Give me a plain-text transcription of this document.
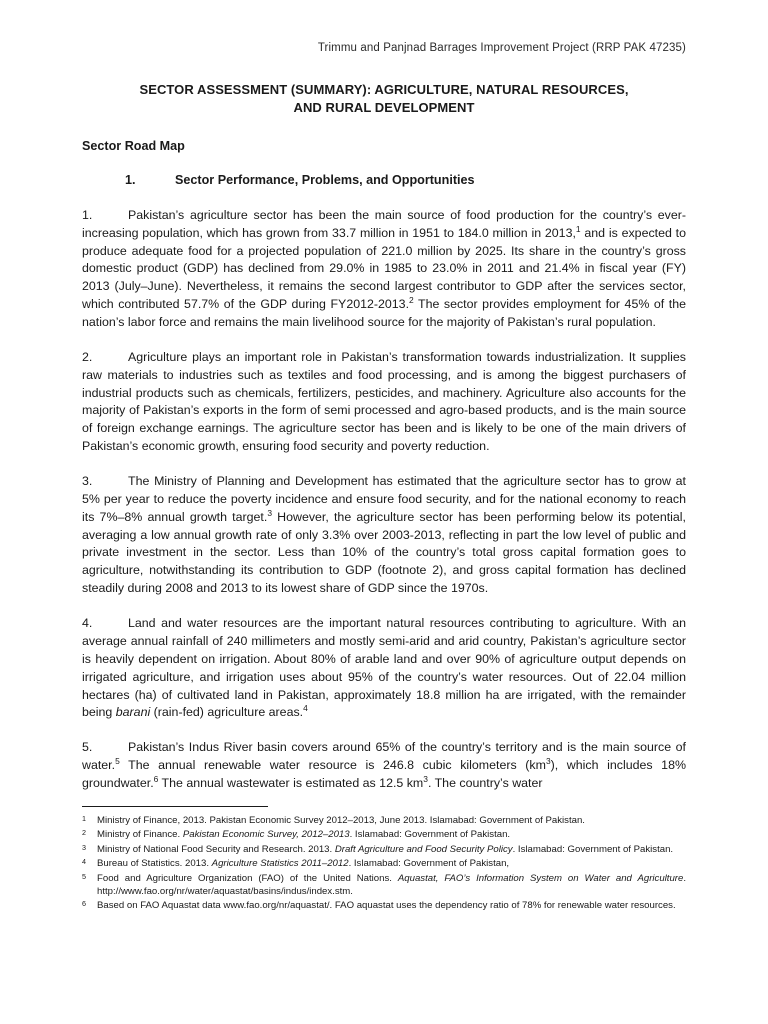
Trimmu and Panjnad Barrages Improvement Project (RRP PAK 47235)
SECTOR ASSESSMENT (SUMMARY): AGRICULTURE, NATURAL RESOURCES,
AND RURAL DEVELOPMENT
Sector Road Map
1.	Sector Performance, Problems, and Opportunities

1.	Pakistan’s agriculture sector has been the main source of food production for the country’s ever-increasing population, which has grown from 33.7 million in 1951 to 184.0 million in 2013,$^1$ and is expected to produce adequate food for a projected population of 221.0 million by 2025. Its share in the country’s gross domestic product (GDP) has declined from 29.0% in 1985 to 23.0% in 2011 and 21.4% in fiscal year (FY) 2013 (July–June). Nevertheless, it remains the second largest contributor to GDP after the services sector, which contributed 57.7% of the GDP during FY2012-2013.$^2$ The sector provides employment for 45% of the nation’s labor force and remains the main livelihood source for the majority of Pakistan’s rural population.

2.	Agriculture plays an important role in Pakistan’s transformation towards industrialization. It supplies raw materials to industries such as textiles and food processing, and is among the biggest purchasers of industrial products such as chemicals, fertilizers, pesticides, and machinery. Agriculture also accounts for the majority of Pakistan’s exports in the form of semi processed and agro-based products, and is the main source of foreign exchange earnings. The agriculture sector has been and is likely to be one of the main drivers of Pakistan’s economic growth, ensuring food security and poverty reduction.

3.	The Ministry of Planning and Development has estimated that the agriculture sector has to grow at 5% per year to reduce the poverty incidence and ensure food security, and for the national economy to reach its 7%–8% annual growth target.$^3$ However, the agriculture sector has been performing below its potential, averaging a low annual growth rate of only 3.3% over 2003-2013, reflecting in part the low level of public and private investment in the sector. Less than 10% of the country’s total gross capital formation goes to agriculture, notwithstanding its contribution to GDP (footnote 2), and gross capital formation has declined steadily during 2008 and 2013 to its lowest share of GDP since the 1970s.

4.	Land and water resources are the important natural resources contributing to agriculture. With an average annual rainfall of 240 millimeters and mostly semi-arid and arid country, Pakistan’s agriculture sector is heavily dependent on irrigation. About 80% of arable land and over 90% of agriculture output depends on irrigated agriculture, and irrigation uses about 95% of the country’s water resources. Out of 22.04 million hectares (ha) of cultivated land in Pakistan, approximately 18.8 million ha are irrigated, with the remainder being barani (rain-fed) agriculture areas.$^4$

5.	Pakistan’s Indus River basin covers around 65% of the country’s territory and is the main source of water.$^5$ The annual renewable water resource is 246.8 cubic kilometers $(km^3)$, which includes 18% groundwater.$^6$ The annual wastewater is estimated as 12.5 $km^3$. The country’s water

1 Ministry of Finance, 2013. Pakistan Economic Survey 2012–2013, June 2013. Islamabad: Government of Pakistan.
2 Ministry of Finance. Pakistan Economic Survey, 2012–2013. Islamabad: Government of Pakistan.
3 Ministry of National Food Security and Research. 2013. Draft Agriculture and Food Security Policy. Islamabad: Government of Pakistan.
4 Bureau of Statistics. 2013. Agriculture Statistics 2011–2012. Islamabad: Government of Pakistan,
5 Food and Agriculture Organization (FAO) of the United Nations. Aquastat, FAO’s Information System on Water and Agriculture. http://www.fao.org/nr/water/aquastat/basins/indus/index.stm.
6 Based on FAO Aquastat data www.fao.org/nr/aquastat/. FAO aquastat uses the dependency ratio of 78% for renewable water resources.
